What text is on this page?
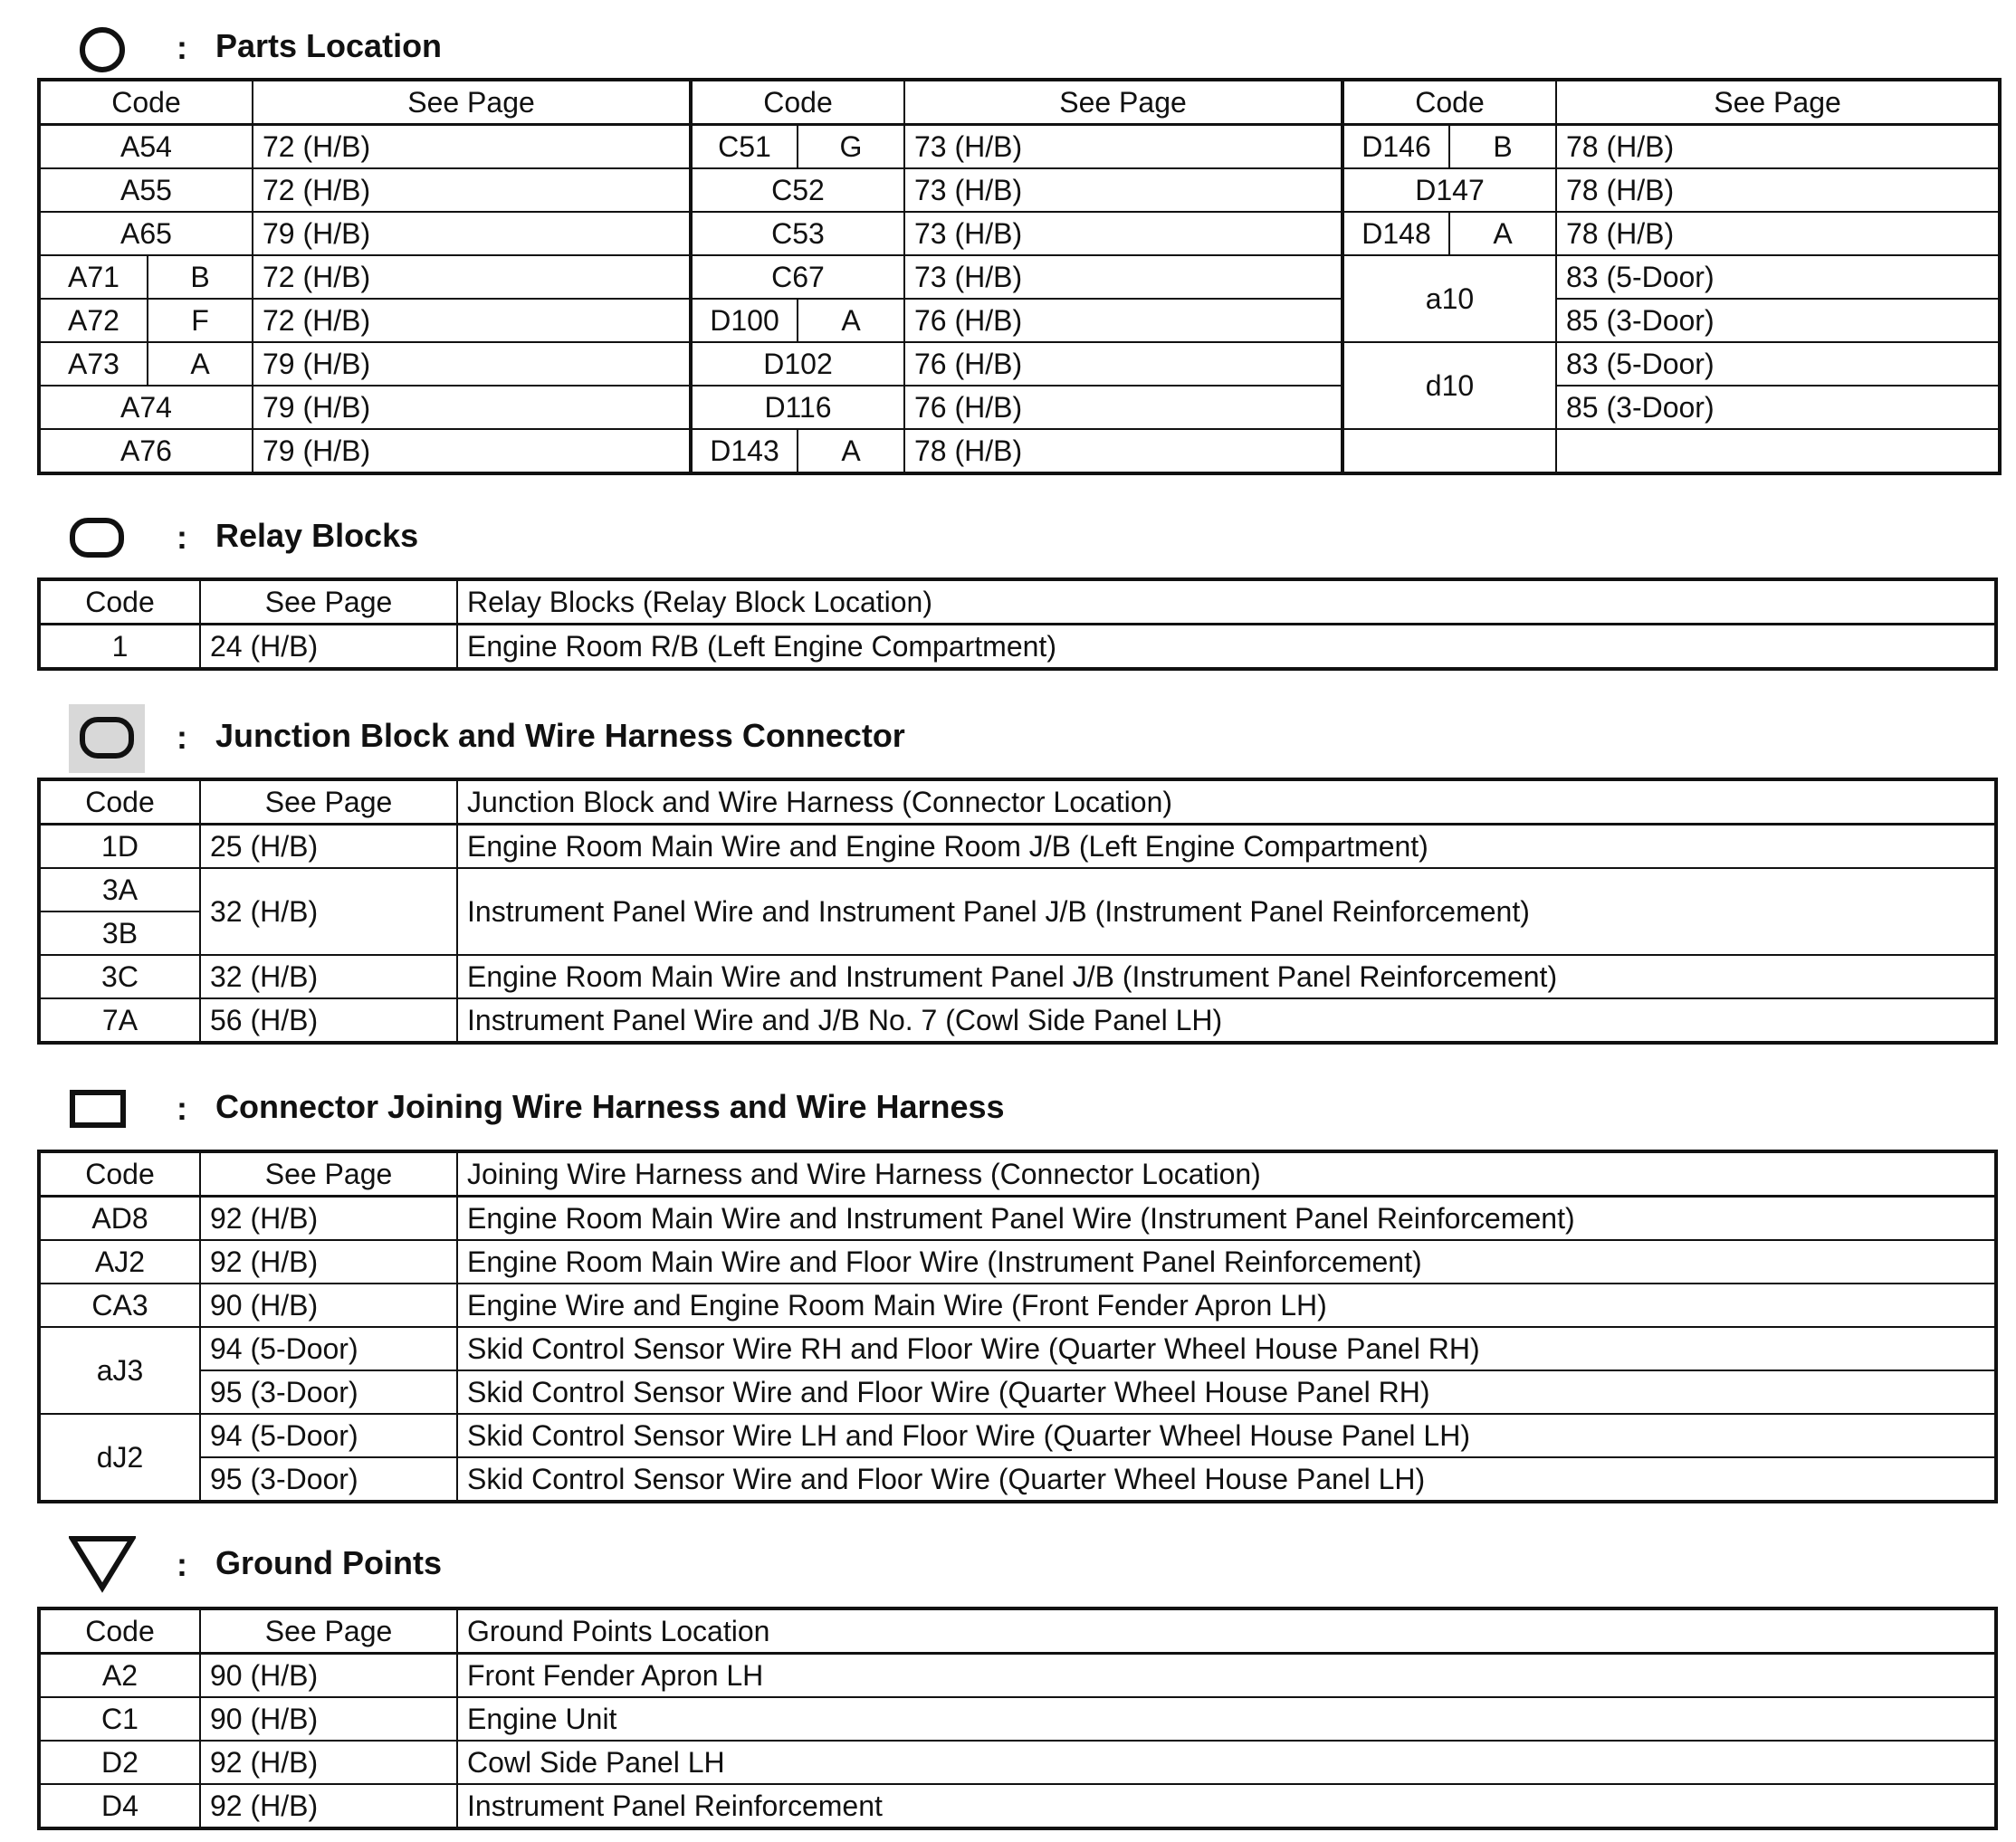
: Parts Location
Code		See Page	Code		See Page	Code		See Page
A54		72 (H/B)	C51	G	73 (H/B)	D146	B	78 (H/B)
A55		72 (H/B)	C52		73 (H/B)	D147		78 (H/B)
A65		79 (H/B)	C53		73 (H/B)	D148	A	78 (H/B)
A71	B	72 (H/B)	C67		73 (H/B)	a10		83 (5-Door)
A72	F	72 (H/B)	D100	A	76 (H/B)			85 (3-Door)
A73	A	79 (H/B)	D102		76 (H/B)	d10		83 (5-Door)
A74		79 (H/B)	D116		76 (H/B)			85 (3-Door)
A76		79 (H/B)	D143	A	78 (H/B)			
: Relay Blocks
Code	See Page	Relay Blocks (Relay Block Location)
1	24 (H/B)	Engine Room R/B (Left Engine Compartment)
: Junction Block and Wire Harness Connector
Code	See Page	Junction Block and Wire Harness (Connector Location)
1D	25 (H/B)	Engine Room Main Wire and Engine Room J/B (Left Engine Compartment)
3A	32 (H/B)	Instrument Panel Wire and Instrument Panel J/B (Instrument Panel Reinforcement)
3B		
3C	32 (H/B)	Engine Room Main Wire and Instrument Panel J/B (Instrument Panel Reinforcement)
7A	56 (H/B)	Instrument Panel Wire and J/B No. 7 (Cowl Side Panel LH)
: Connector Joining Wire Harness and Wire Harness
Code	See Page	Joining Wire Harness and Wire Harness (Connector Location)
AD8	92 (H/B)	Engine Room Main Wire and Instrument Panel Wire (Instrument Panel Reinforcement)
AJ2	92 (H/B)	Engine Room Main Wire and Floor Wire (Instrument Panel Reinforcement)
CA3	90 (H/B)	Engine Wire and Engine Room Main Wire (Front Fender Apron LH)
aJ3	94 (5-Door)	Skid Control Sensor Wire RH and Floor Wire (Quarter Wheel House Panel RH)
	95 (3-Door)	Skid Control Sensor Wire and Floor Wire (Quarter Wheel House Panel RH)
dJ2	94 (5-Door)	Skid Control Sensor Wire LH and Floor Wire (Quarter Wheel House Panel LH)
	95 (3-Door)	Skid Control Sensor Wire and Floor Wire (Quarter Wheel House Panel LH)
: Ground Points
Code	See Page	Ground Points Location
A2	90 (H/B)	Front Fender Apron LH
C1	90 (H/B)	Engine Unit
D2	92 (H/B)	Cowl Side Panel LH
D4	92 (H/B)	Instrument Panel Reinforcement
